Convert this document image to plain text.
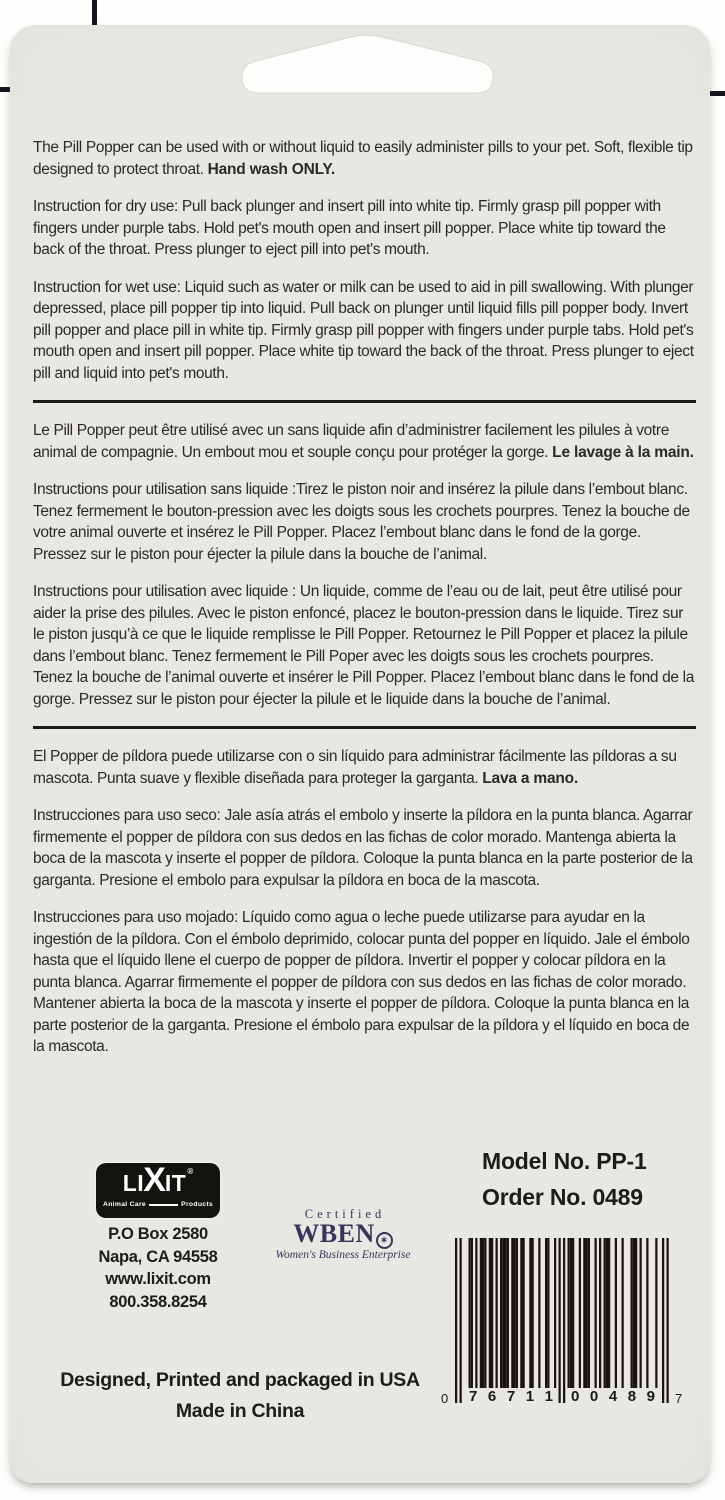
The Pill Popper can be used with or without liquid to easily administer pills to your pet. Soft, flexible tip designed to protect throat. Hand wash ONLY.

Instruction for dry use: Pull back plunger and insert pill into white tip. Firmly grasp pill popper with fingers under purple tabs. Hold pet's mouth open and insert pill popper. Place white tip toward the back of the throat. Press plunger to eject pill into pet's mouth.

Instruction for wet use: Liquid such as water or milk can be used to aid in pill swallowing. With plunger depressed, place pill popper tip into liquid. Pull back on plunger until liquid fills pill popper body. Invert pill popper and place pill in white tip. Firmly grasp pill popper with fingers under purple tabs. Hold pet's mouth open and insert pill popper. Place white tip toward the back of the throat. Press plunger to eject pill and liquid into pet's mouth.

Le Pill Popper peut être utilisé avec un sans liquide afin d’administrer facilement les pilules à votre animal de compagnie. Un embout mou et souple conçu pour protéger la gorge. Le lavage à la main.

Instructions pour utilisation sans liquide :Tirez le piston noir and insérez la pilule dans l’embout blanc. Tenez fermement le bouton-pression avec les doigts sous les crochets pourpres. Tenez la bouche de votre animal ouverte et insérez le Pill Popper. Placez l’embout blanc dans le fond de la gorge. Pressez sur le piston pour éjecter la pilule dans la bouche de l’animal.

Instructions pour utilisation avec liquide : Un liquide, comme de l’eau ou de lait, peut être utilisé pour aider la prise des pilules. Avec le piston enfoncé, placez le bouton-pression dans le liquide. Tirez sur le piston jusqu’à ce que le liquide remplisse le Pill Popper. Retournez le Pill Popper et placez la pilule dans l’embout blanc. Tenez fermement le Pill Poper avec les doigts sous les crochets pourpres. Tenez la bouche de l’animal ouverte et insérer le Pill Popper. Placez l’embout blanc dans le fond de la gorge. Pressez sur le piston pour éjecter la pilule et le liquide dans la bouche de l’animal.

El Popper de píldora puede utilizarse con o sin líquido para administrar fácilmente las píldoras a su mascota. Punta suave y flexible diseñada para proteger la garganta. Lava a mano.

Instrucciones para uso seco: Jale asía atrás el embolo y inserte la píldora en la punta blanca. Agarrar firmemente el popper de píldora con sus dedos en las fichas de color morado. Mantenga abierta la boca de la mascota y inserte el popper de píldora. Coloque la punta blanca en la parte posterior de la garganta. Presione el embolo para expulsar la píldora en boca de la mascota.

Instrucciones para uso mojado: Líquido como agua o leche puede utilizarse para ayudar en la ingestión de la píldora. Con el émbolo deprimido, colocar punta del popper en líquido. Jale el émbolo hasta que el líquido llene el cuerpo de popper de píldora. Invertir el popper y colocar píldora en la punta blanca. Agarrar firmemente el popper de píldora con sus dedos en las fichas de color morado. Mantener abierta la boca de la mascota y inserte el popper de píldora. Coloque la punta blanca en la parte posterior de la garganta. Presione el émbolo para expulsar de la píldora y el líquido en boca de la mascota.

Model No. PP-1
Order No. 0489
LI X IT ®
Animal Care	Products
P.O Box 2580
Napa, CA 94558
www.lixit.com
800.358.8254
Certified
WBEN ✶
Women's Business Enterprise
0 7 6 7 1 1 0 0 4 8 9 7
Designed, Printed and packaged in USA
Made in China
